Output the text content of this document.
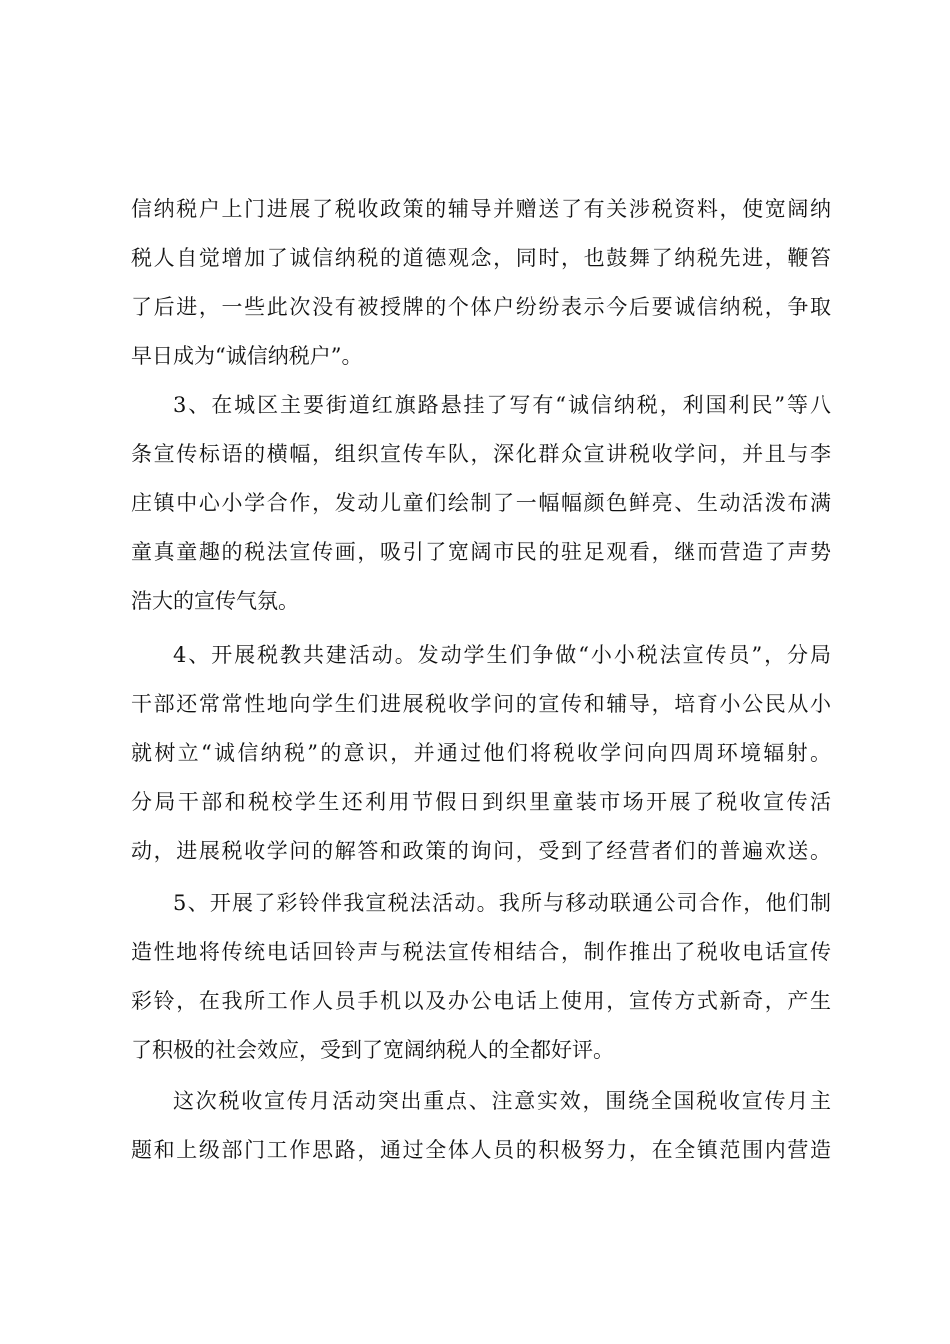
信纳税户上门进展了税收政策的辅导并赠送了有关涉税资料，使宽阔纳
税人自觉增加了诚信纳税的道德观念，同时，也鼓舞了纳税先进，鞭笞
了后进，一些此次没有被授牌的个体户纷纷表示今后要诚信纳税，争取
早日成为“诚信纳税户”。
3、在城区主要街道红旗路悬挂了写有“诚信纳税，利国利民”等八
条宣传标语的横幅，组织宣传车队，深化群众宣讲税收学问，并且与李
庄镇中心小学合作，发动儿童们绘制了一幅幅颜色鲜亮、生动活泼布满
童真童趣的税法宣传画，吸引了宽阔市民的驻足观看，继而营造了声势
浩大的宣传气氛。
4、开展税教共建活动。发动学生们争做“小小税法宣传员”，分局
干部还常常性地向学生们进展税收学问的宣传和辅导，培育小公民从小
就树立“诚信纳税”的意识，并通过他们将税收学问向四周环境辐射。
分局干部和税校学生还利用节假日到织里童装市场开展了税收宣传活
动，进展税收学问的解答和政策的询问，受到了经营者们的普遍欢送。
5、开展了彩铃伴我宣税法活动。我所与移动联通公司合作，他们制
造性地将传统电话回铃声与税法宣传相结合，制作推出了税收电话宣传
彩铃，在我所工作人员手机以及办公电话上使用，宣传方式新奇，产生
了积极的社会效应，受到了宽阔纳税人的全都好评。
这次税收宣传月活动突出重点、注意实效，围绕全国税收宣传月主
题和上级部门工作思路，通过全体人员的积极努力，在全镇范围内营造
